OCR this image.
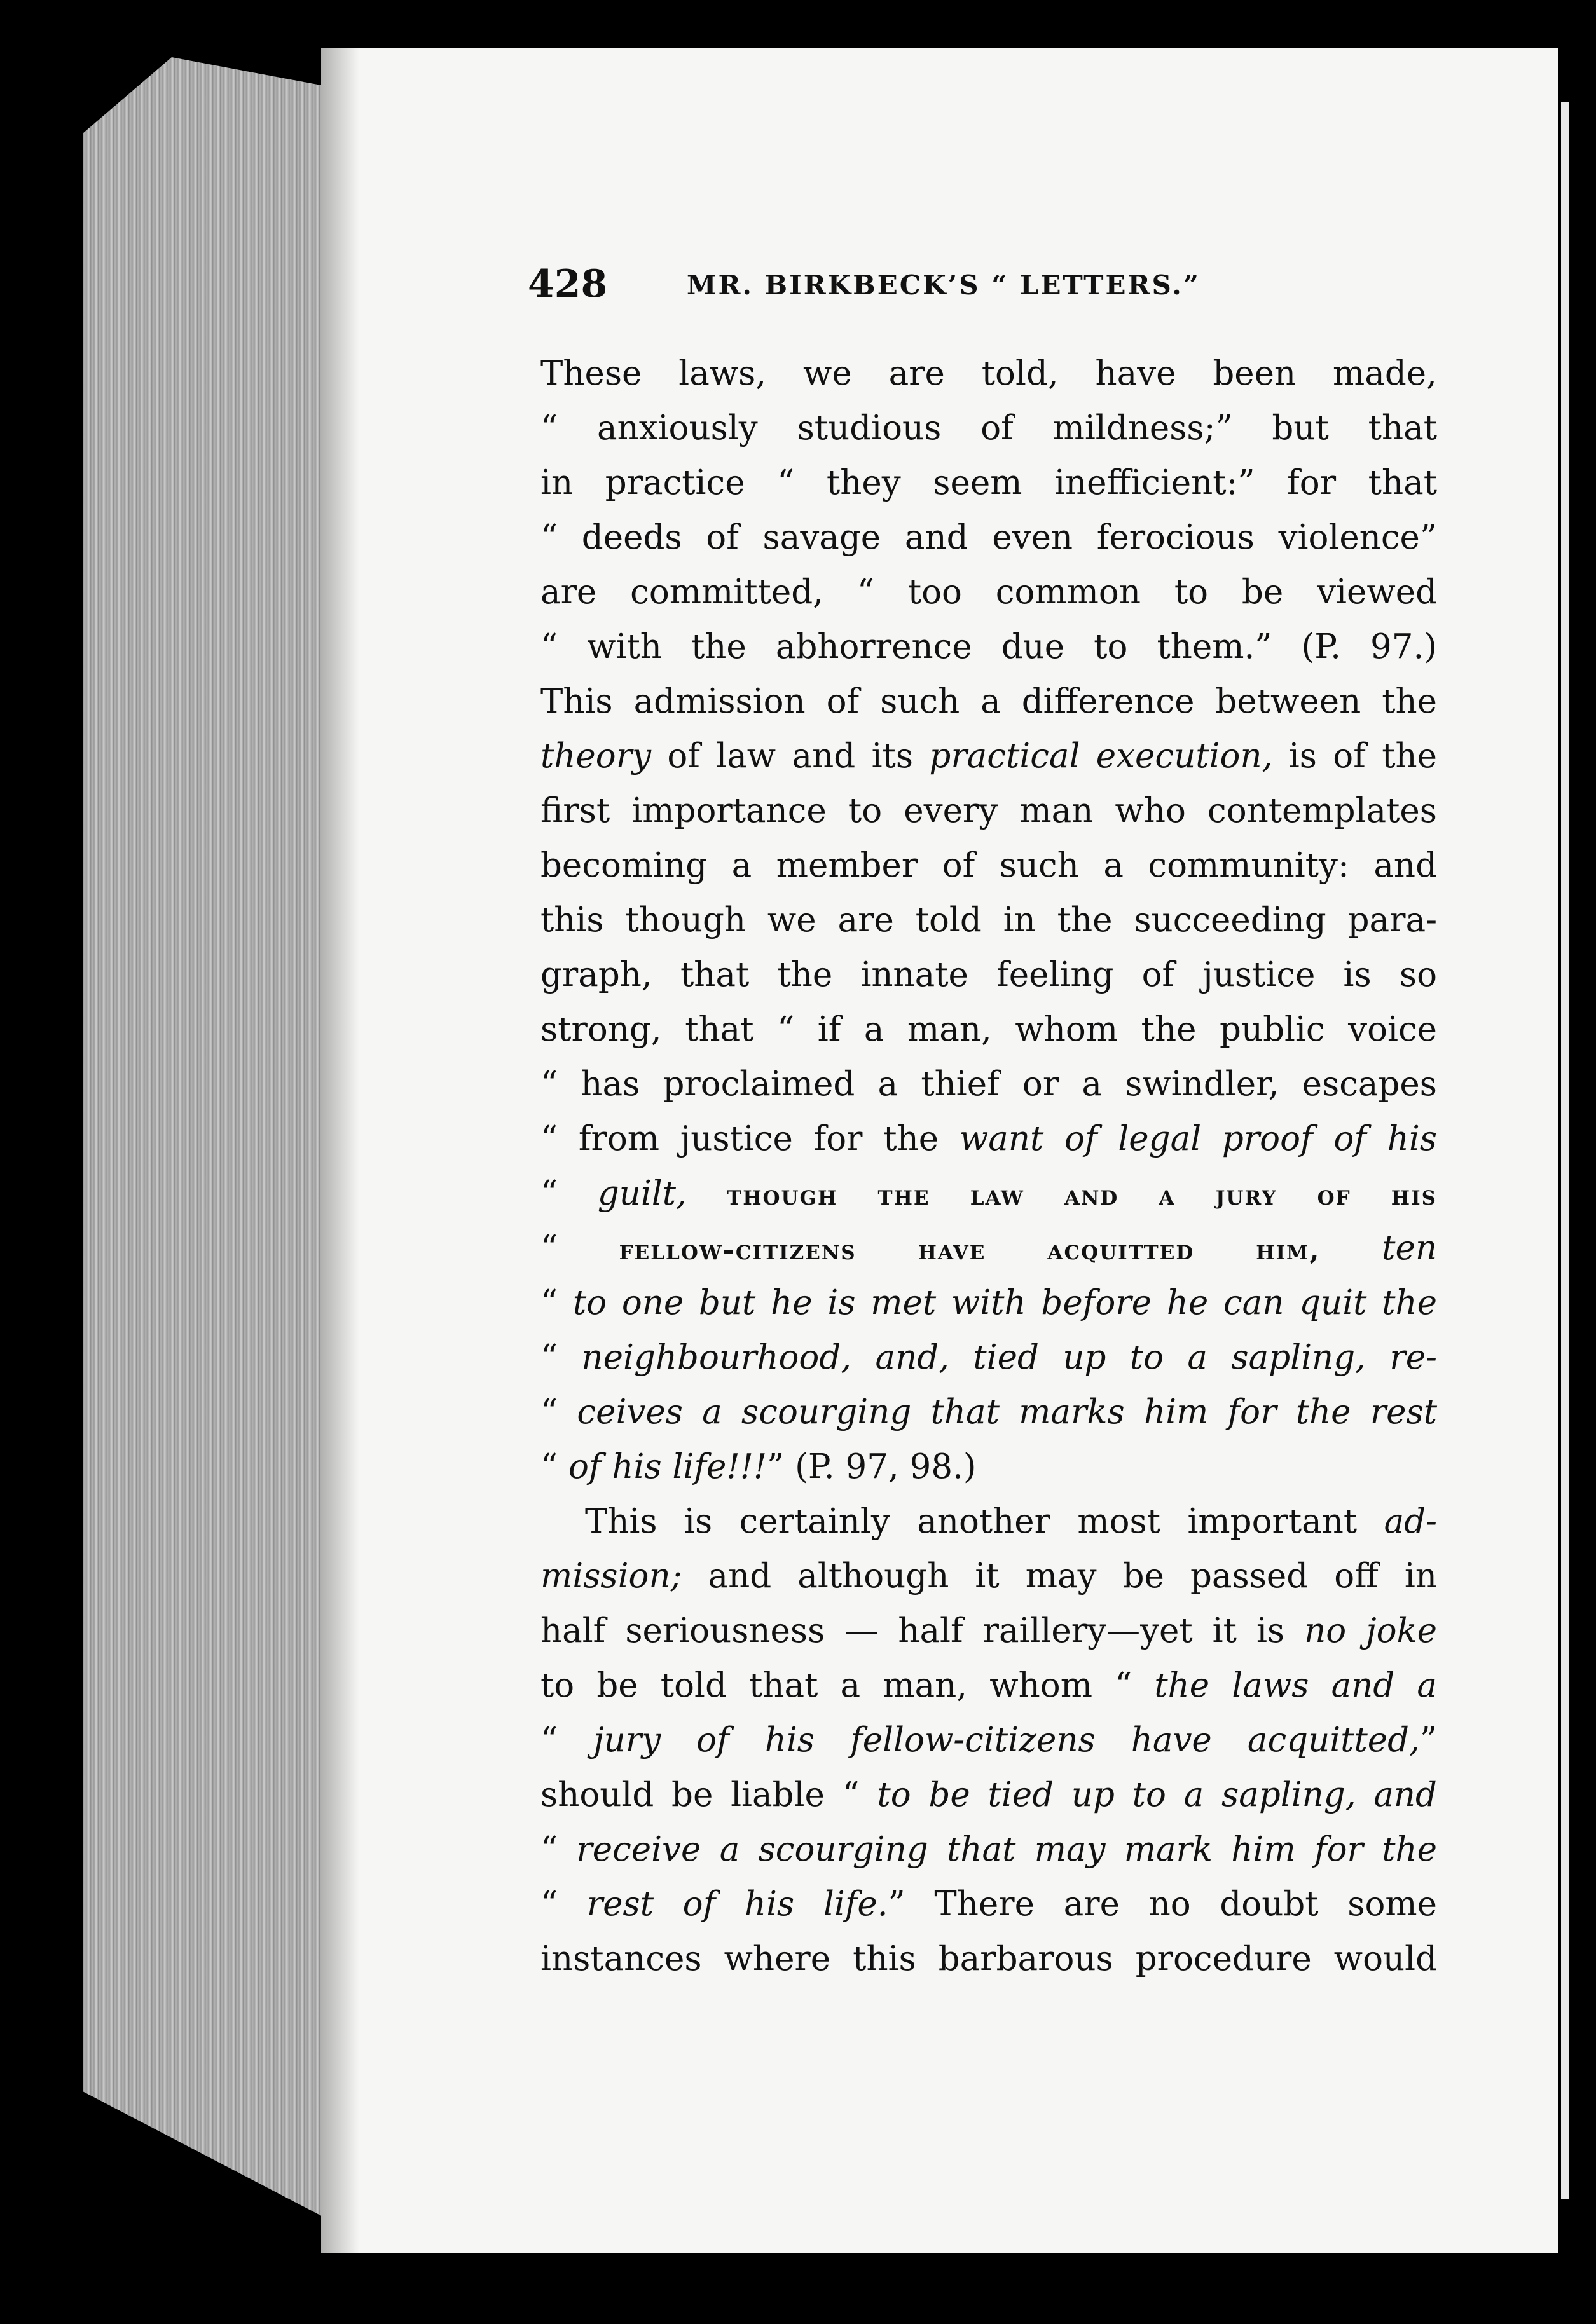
428	MR. BIRKBECK’S “ LETTERS.”
These laws, we are told, have been made,
“ anxiously studious of mildness;” but that
in practice “ they seem inefficient:” for that
“ deeds of savage and even ferocious violence”
are committed, “ too common to be viewed
“ with the abhorrence due to them.” (P. 97.)
This admission of such a difference between the
theory of law and its practical execution, is of the
first importance to every man who contemplates
becoming a member of such a community: and
this though we are told in the succeeding para-
graph, that the innate feeling of justice is so
strong, that “ if a man, whom the public voice
“ has proclaimed a thief or a swindler, escapes
“ from justice for the want of legal proof of his
“ guilt, though the law and a jury of his
“ fellow-citizens have acquitted him, ten
“ to one but he is met with before he can quit the
“ neighbourhood, and, tied up to a sapling, re-
“ ceives a scourging that marks him for the rest
“ of his life!!!” (P. 97, 98.)
This is certainly another most important ad-
mission; and although it may be passed off in
half seriousness — half raillery—yet it is no joke
to be told that a man, whom “ the laws and a
“ jury of his fellow-citizens have acquitted,”
should be liable “ to be tied up to a sapling, and
“ receive a scourging that may mark him for the
“ rest of his life.” There are no doubt some
instances where this barbarous procedure would
